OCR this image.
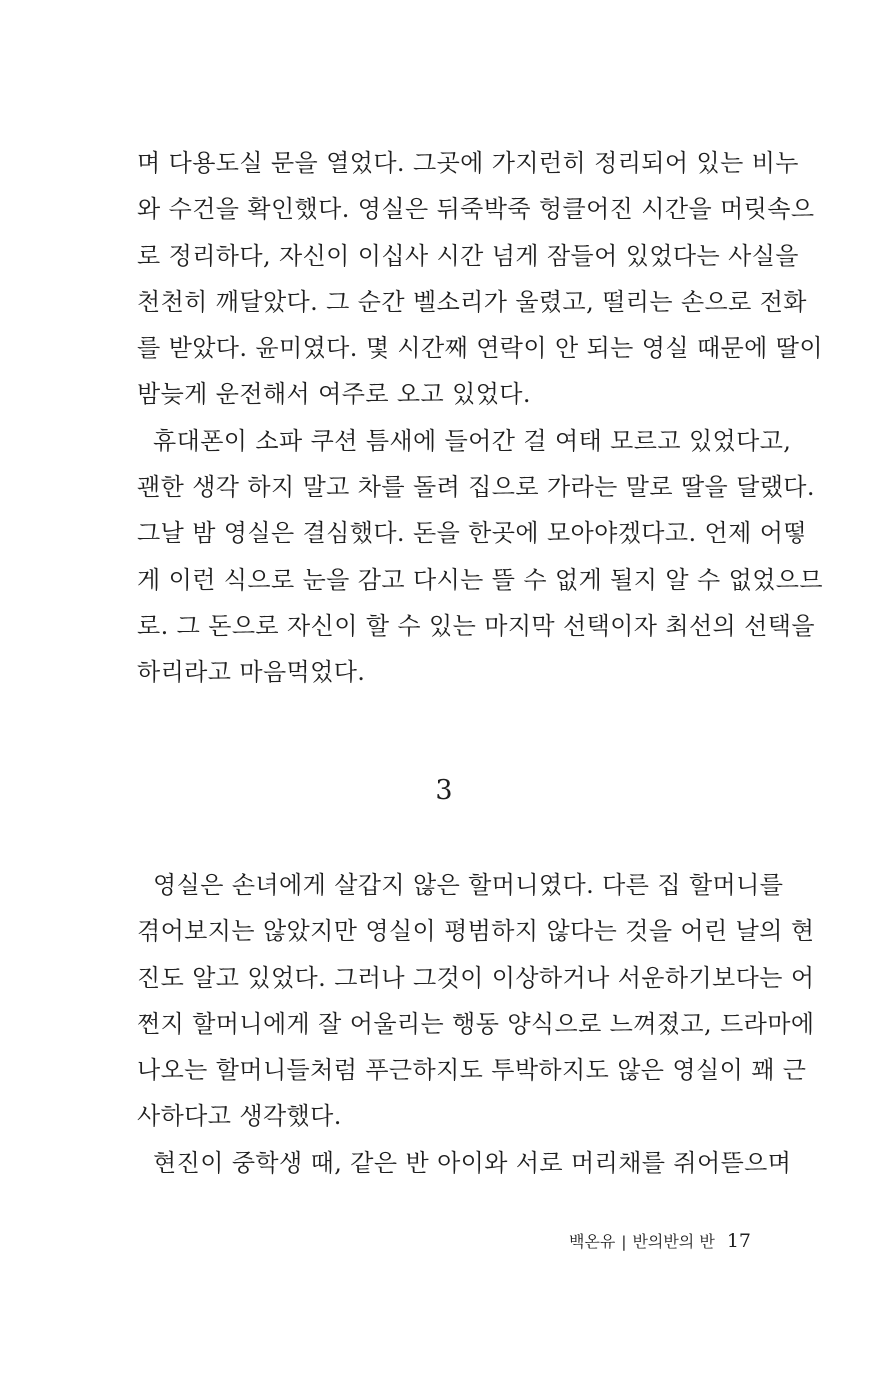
며 다용도실 문을 열었다. 그곳에 가지런히 정리되어 있는 비누
와 수건을 확인했다. 영실은 뒤죽박죽 헝클어진 시간을 머릿속으
로 정리하다, 자신이 이십사 시간 넘게 잠들어 있었다는 사실을
천천히 깨달았다. 그 순간 벨소리가 울렸고, 떨리는 손으로 전화
를 받았다. 윤미였다. 몇 시간째 연락이 안 되는 영실 때문에 딸이
밤늦게 운전해서 여주로 오고 있었다.
휴대폰이 소파 쿠션 틈새에 들어간 걸 여태 모르고 있었다고,
괜한 생각 하지 말고 차를 돌려 집으로 가라는 말로 딸을 달랬다.
그날 밤 영실은 결심했다. 돈을 한곳에 모아야겠다고. 언제 어떻
게 이런 식으로 눈을 감고 다시는 뜰 수 없게 될지 알 수 없었으므
로. 그 돈으로 자신이 할 수 있는 마지막 선택이자 최선의 선택을
하리라고 마음먹었다.
3
영실은 손녀에게 살갑지 않은 할머니였다. 다른 집 할머니를
겪어보지는 않았지만 영실이 평범하지 않다는 것을 어린 날의 현
진도 알고 있었다. 그러나 그것이 이상하거나 서운하기보다는 어
쩐지 할머니에게 잘 어울리는 행동 양식으로 느껴졌고, 드라마에
나오는 할머니들처럼 푸근하지도 투박하지도 않은 영실이 꽤 근
사하다고 생각했다.
현진이 중학생 때, 같은 반 아이와 서로 머리채를 쥐어뜯으며
백온유 | 반의반의 반 17
